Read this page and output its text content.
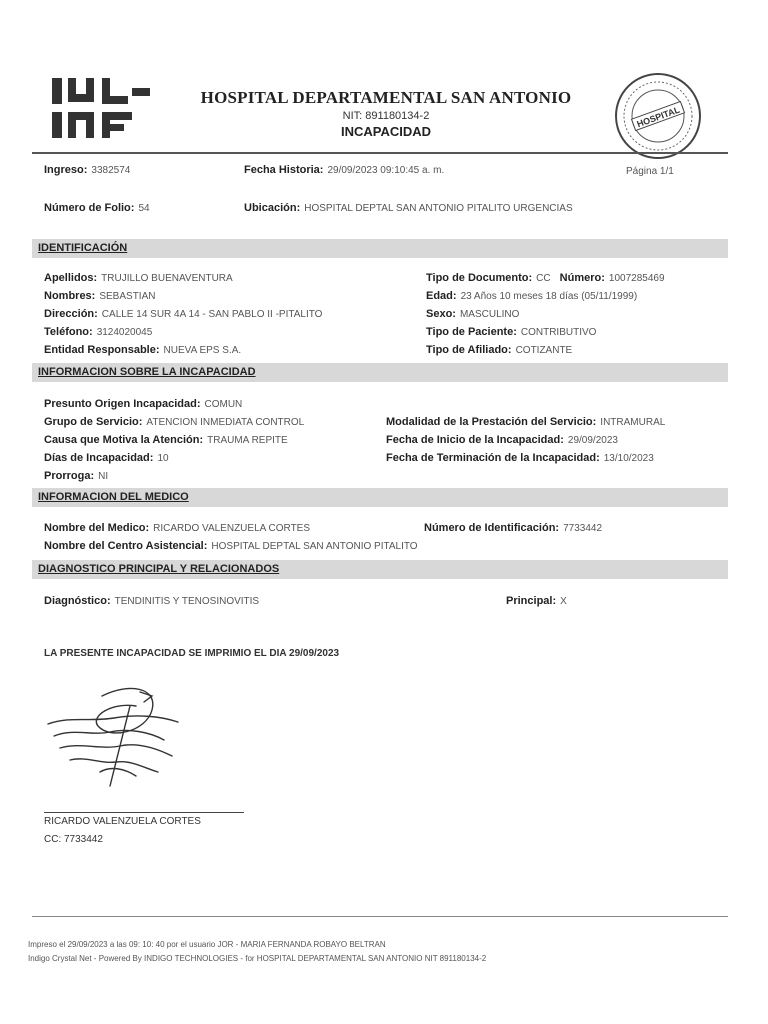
HOSPITAL DEPARTAMENTAL SAN ANTONIO
NIT: 891180134-2
INCAPACIDAD
HOSPITAL
Ingreso: 3382574	Fecha Historia: 29/09/2023 09:10:45 a. m.	Página 1/1
Número de Folio: 54	Ubicación: HOSPITAL DEPTAL SAN ANTONIO PITALITO URGENCIAS
IDENTIFICACIÓN
Apellidos: TRUJILLO BUENAVENTURA
Nombres: SEBASTIAN
Dirección: CALLE 14 SUR 4A 14 - SAN PABLO II -PITALITO
Teléfono: 3124020045
Entidad Responsable: NUEVA EPS S.A.
Tipo de Documento: CC Número: 1007285469
Edad: 23 Años 10 meses 18 días (05/11/1999)
Sexo: MASCULINO
Tipo de Paciente: CONTRIBUTIVO
Tipo de Afiliado: COTIZANTE
INFORMACION SOBRE LA INCAPACIDAD
Presunto Origen Incapacidad: COMUN
Grupo de Servicio: ATENCION INMEDIATA CONTROL
Causa que Motiva la Atención: TRAUMA REPITE
Días de Incapacidad: 10
Prorroga: NI
Modalidad de la Prestación del Servicio: INTRAMURAL
Fecha de Inicio de la Incapacidad: 29/09/2023
Fecha de Terminación de la Incapacidad: 13/10/2023
INFORMACION DEL MEDICO
Nombre del Medico: RICARDO VALENZUELA CORTES	Número de Identificación: 7733442
Nombre del Centro Asistencial: HOSPITAL DEPTAL SAN ANTONIO PITALITO
DIAGNOSTICO PRINCIPAL Y RELACIONADOS
Diagnóstico: TENDINITIS Y TENOSINOVITIS	Principal: X
LA PRESENTE INCAPACIDAD SE IMPRIMIO EL DIA 29/09/2023
RICARDO VALENZUELA CORTES
CC: 7733442
Impreso el 29/09/2023 a las 09: 10: 40 por el usuario JOR - MARIA FERNANDA ROBAYO BELTRAN
Indigo Crystal Net - Powered By INDIGO TECHNOLOGIES - for HOSPITAL DEPARTAMENTAL SAN ANTONIO NIT 891180134-2
